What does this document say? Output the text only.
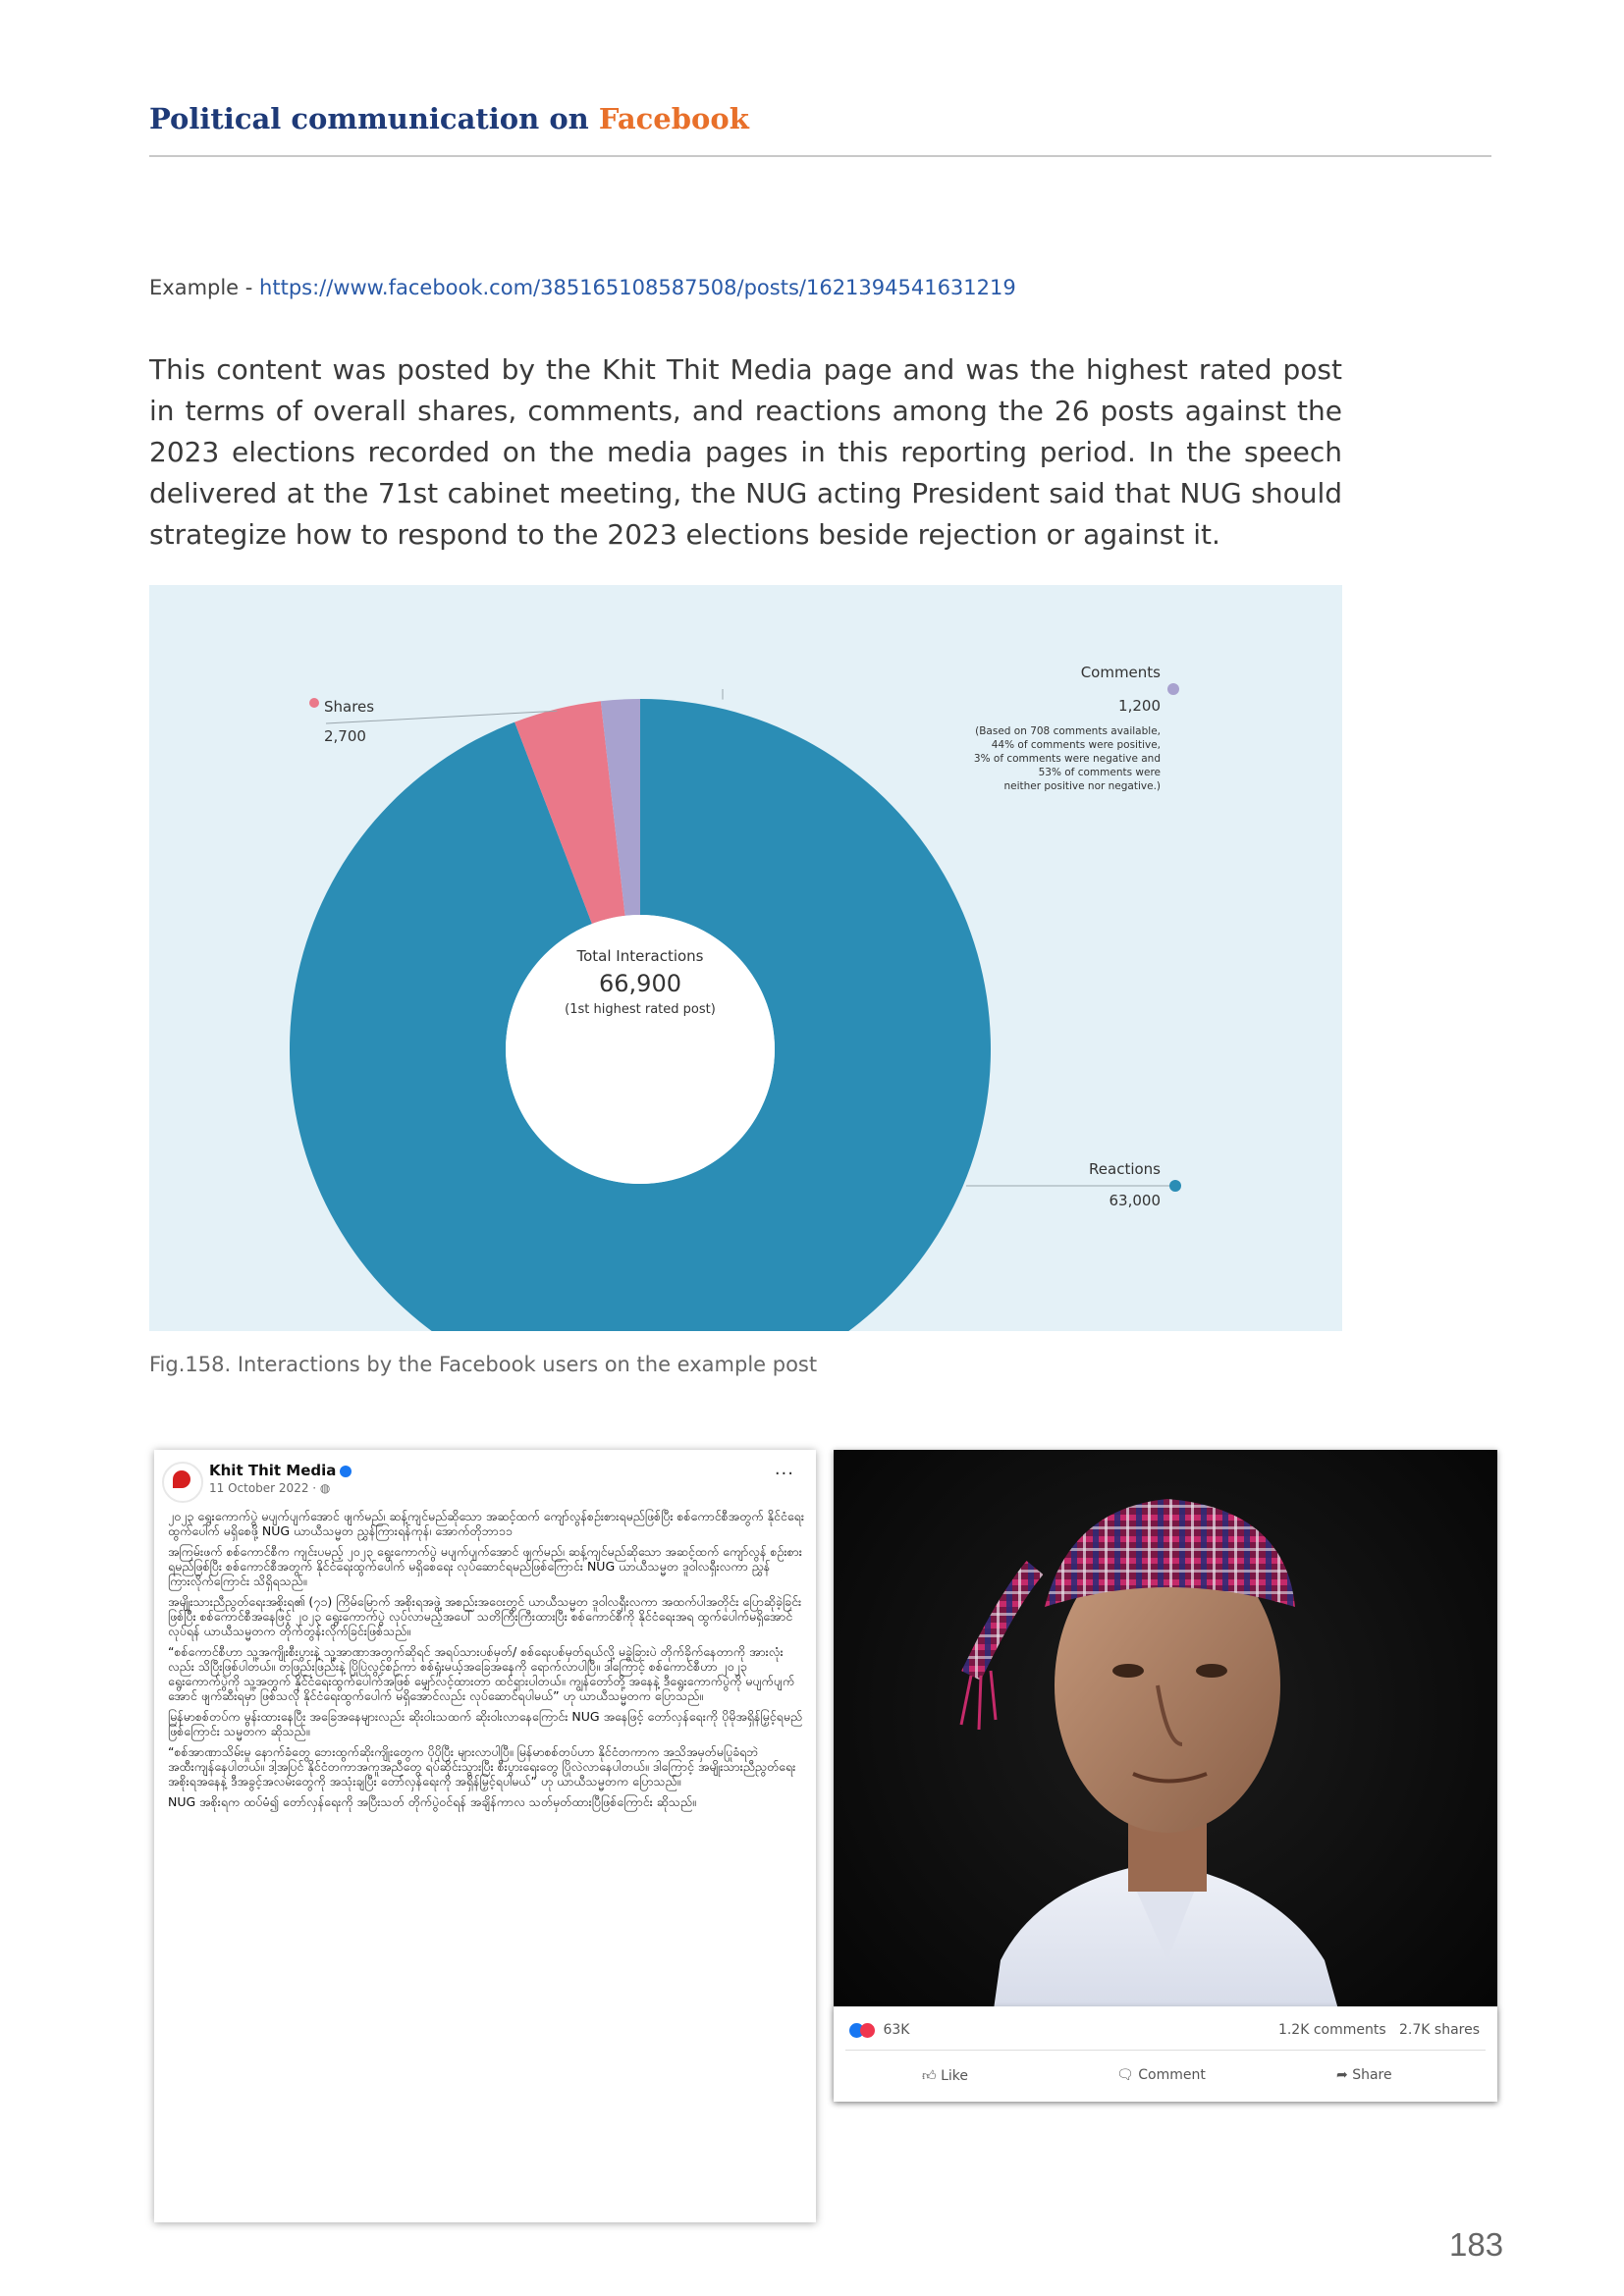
Political communication on Facebook
Example - https://www.facebook.com/385165108587508/posts/1621394541631219
This content was posted by the Khit Thit Media page and was the highest rated post in terms of overall shares, comments, and reactions among the 26 posts against the 2023 elections recorded on the media pages in this reporting period. In the speech delivered at the 71st cabinet meeting, the NUG acting President said that NUG should strategize how to respond to the 2023 elections beside rejection or against it.
Total Interactions
66,900
(1st highest rated post)
Shares
2,700
Comments
1,200
(Based on 708 comments available,
44% of comments were positive,
3% of comments were negative and
53% of comments were
neither positive nor negative.)
Reactions
63,000
Fig.158. Interactions by the Facebook users on the example post
Khit Thit Media
11 October 2022 · ◍
···

၂၀၂၃ ရွေးကောက်ပွဲ မပျက်ပျက်အောင် ဖျက်မည်၊ ဆန့်ကျင်မည်ဆိုသော အဆင့်ထက် ကျော်လွန်စဉ်းစားရမည်ဖြစ်ပြီး စစ်ကောင်စီအတွက် နိုင်ငံရေးထွက်ပေါက် မရှိစေဖို့ NUG ယာယီသမ္မတ ညွှန်ကြားရန်ကုန်၊ အောက်တိုဘာ၁၁

အကြမ်းဖက် စစ်ကောင်စီက ကျင်းပမည့် ၂၀၂၃ ရွေးကောက်ပွဲ မပျက်ပျက်အောင် ဖျက်မည်၊ ဆန့်ကျင်မည်ဆိုသော အဆင့်ထက် ကျော်လွန် စဉ်းစားရမည်ဖြစ်ပြီး စစ်ကောင်စီအတွက် နိုင်ငံရေးထွက်ပေါက် မရှိစေရေး လုပ်ဆောင်ရမည်ဖြစ်ကြောင်း NUG ယာယီသမ္မတ ဒူဝါလရှီးလကာ ညွှန်ကြားလိုက်ကြောင်း သိရှိရသည်။

အမျိုးသားညီညွတ်ရေးအစိုးရ၏ (၇၁) ကြိမ်မြောက် အစိုးရအဖွဲ့ အစည်းအဝေးတွင် ယာယီသမ္မတ ဒူဝါလရှီးလကာ အထက်ပါအတိုင်း ပြောဆိုခဲ့ခြင်းဖြစ်ပြီး စစ်ကောင်စီအနေဖြင့် ၂၀၂၃ ရွေးကောက်ပွဲ လုပ်လာမည့်အပေါ် သတိကြီးကြီးထားပြီး စစ်ကောင်စီကို နိုင်ငံရေးအရ ထွက်ပေါက်မရှိအောင်လုပ်ရန် ယာယီသမ္မတက တိုက်တွန်းလိုက်ခြင်းဖြစ်သည်။

“စစ်ကောင်စီဟာ သူ့အကျိုးစီးပွားနဲ့ သူ့အာဏာအတွက်ဆိုရင် အရပ်သားပစ်မှတ်/ စစ်ရေးပစ်မှတ်ရယ်လို့ မခွဲခြားပဲ တိုက်ခိုက်နေတာကို အားလုံးလည်း သိပြီးဖြစ်ပါတယ်။ တဖြည်းဖြည်းနဲ့ ပြိုပြဲလွင့်စဉ်ကာ စစ်ရှုံးမယ့်အခြေအနေကို ရောက်လာပါပြီ။ ဒါကြောင့် စစ်ကောင်စီဟာ ၂၀၂၃ ရွေးကောက်ပွဲကို သူ့အတွက် နိုင်ငံရေးထွက်ပေါက်အဖြစ် မျှော်လင့်ထားတာ ထင်ရှားပါတယ်။ ကျွန်တော်တို့ အနေနဲ့ ဒီရွေးကောက်ပွဲကို မပျက်ပျက်အောင် ဖျက်ဆီးရမှာ ဖြစ်သလို နိုင်ငံရေးထွက်ပေါက် မရှိအောင်လည်း လုပ်ဆောင်ရပါမယ်” ဟု ယာယီသမ္မတက ပြောသည်။

မြန်မာစစ်တပ်က မွန်းထားနေပြီး အခြေအနေများလည်း ဆိုးဝါးသထက် ဆိုးဝါးလာနေကြောင်း NUG အနေဖြင့် တော်လှန်ရေးကို ပိုမိုအရှိန်မြှင့်ရမည်ဖြစ်ကြောင်း သမ္မတက ဆိုသည်။

“စစ်အာဏာသိမ်းမှု နောက်ခံတွေ ဘေးထွက်ဆိုးကျိုးတွေက ပိုပိုပြီး များလာပါပြီ။ မြန်မာစစ်တပ်ဟာ နိုင်ငံတကာက အသိအမှတ်မပြုခံရဘဲ အထီးကျန်နေပါတယ်။ ဒါ့အပြင် နိုင်ငံတကာအကူအညီတွေ ရပ်ဆိုင်းသွားပြီး စီးပွားရေးတွေ ပြိုလဲလာနေပါတယ်။ ဒါကြောင့် အမျိုးသားညီညွတ်ရေးအစိုးရအနေနဲ့ ဒီအခွင့်အလမ်းတွေကို အသုံးချပြီး တော်လှန်ရေးကို အရှိန်မြှင့်ရပါမယ်” ဟု ယာယီသမ္မတက ပြောသည်။

NUG အစိုးရက ထပ်မံ၍ တော်လှန်ရေးကို အပြီးသတ် တိုက်ပွဲဝင်ရန် အချိန်ကာလ သတ်မှတ်ထားပြီဖြစ်ကြောင်း ဆိုသည်။

63K	1.2K comments 2.7K shares
👍︎ Like	🗨︎ Comment	➦ Share
183
